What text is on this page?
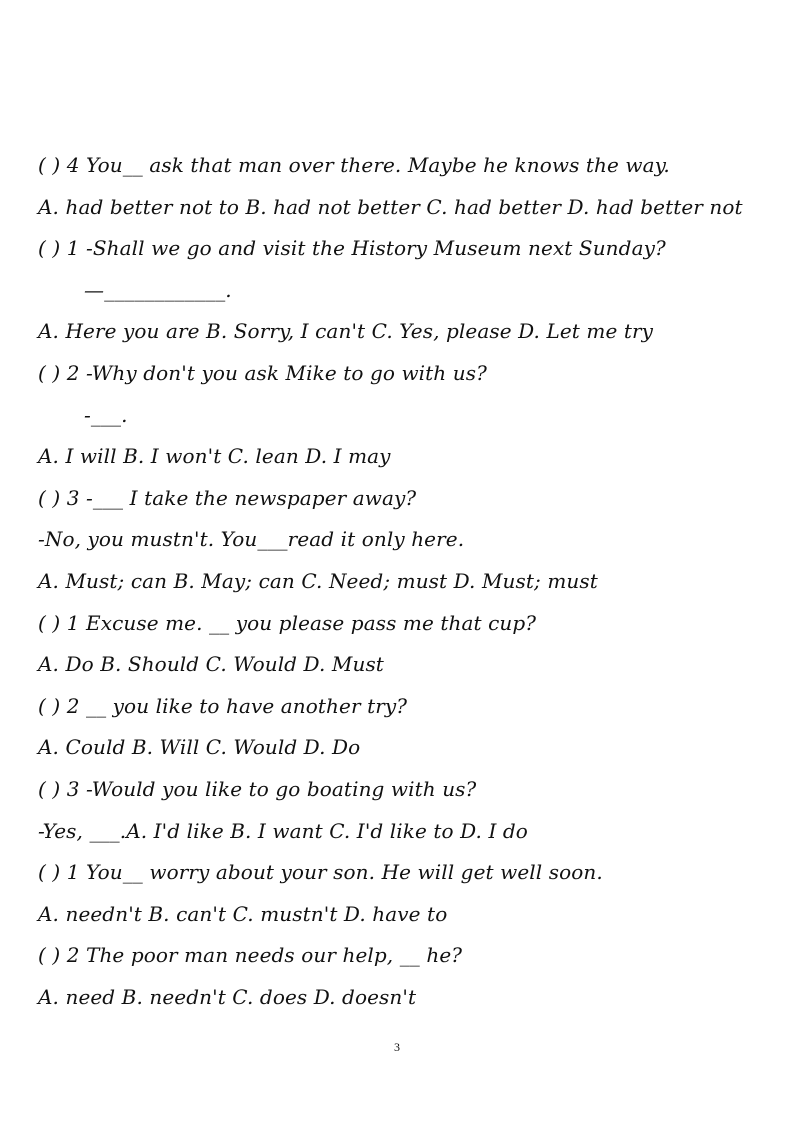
( ) 4 You__ ask that man over there. Maybe he knows the way.
A. had better not to B. had not better C. had better D. had better not
( ) 1 -Shall we go and visit the History Museum next Sunday?
—____________.
A. Here you are B. Sorry, I can't C. Yes, please D. Let me try
( ) 2 -Why don't you ask Mike to go with us?
-___.
A. I will B. I won't C. lean D. I may
( ) 3 -___ I take the newspaper away?
-No, you mustn't. You___read it only here.
A. Must; can B. May; can C. Need; must D. Must; must
( ) 1 Excuse me. __ you please pass me that cup?
A. Do B. Should C. Would D. Must
( ) 2 __ you like to have another try?
A. Could B. Will C. Would D. Do
( ) 3 -Would you like to go boating with us?
-Yes, ___.A. I'd like B. I want C. I'd like to D. I do
( ) 1 You__ worry about your son. He will get well soon.
A. needn't B. can't C. mustn't D. have to
( ) 2 The poor man needs our help, __ he?
A. need B. needn't C. does D. doesn't
3
